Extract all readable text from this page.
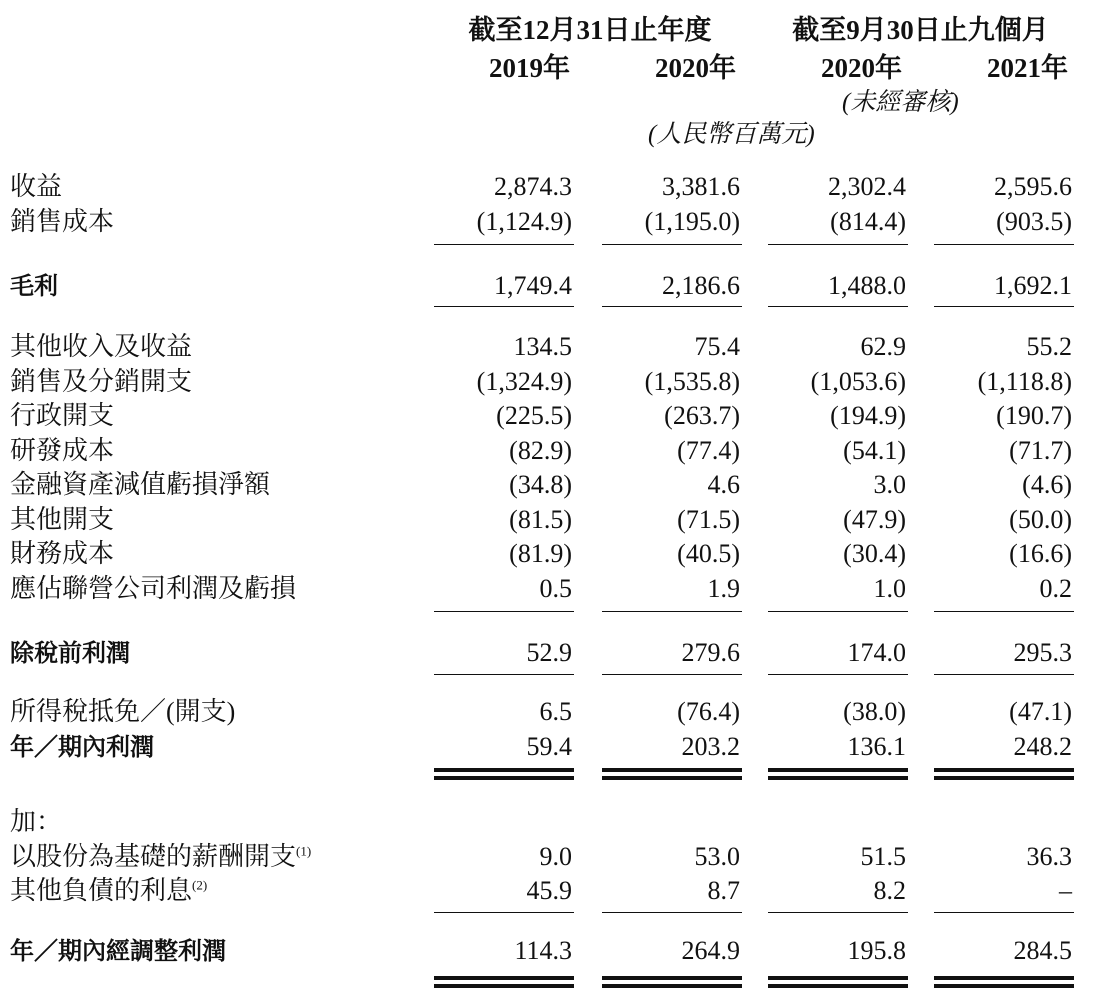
截至12月31日止年度	截至9月30日止九個月
2019年	2020年	2020年	2021年
(未經審核)
(人民幣百萬元)
收益	2,874.3	3,381.6	2,302.4	2,595.6
銷售成本	(1,124.9)	(1,195.0)	(814.4)	(903.5)
毛利	1,749.4	2,186.6	1,488.0	1,692.1
其他收入及收益	134.5	75.4	62.9	55.2
銷售及分銷開支	(1,324.9)	(1,535.8)	(1,053.6)	(1,118.8)
行政開支	(225.5)	(263.7)	(194.9)	(190.7)
研發成本	(82.9)	(77.4)	(54.1)	(71.7)
金融資產減值虧損淨額	(34.8)	4.6	3.0	(4.6)
其他開支	(81.5)	(71.5)	(47.9)	(50.0)
財務成本	(81.9)	(40.5)	(30.4)	(16.6)
應佔聯營公司利潤及虧損	0.5	1.9	1.0	0.2
除稅前利潤	52.9	279.6	174.0	295.3
所得稅抵免／(開支)	6.5	(76.4)	(38.0)	(47.1)
年／期內利潤	59.4	203.2	136.1	248.2
加：
以股份為基礎的薪酬開支$^{(1)}$	9.0	53.0	51.5	36.3
其他負債的利息$^{(2)}$	45.9	8.7	8.2	–
年／期內經調整利潤	114.3	264.9	195.8	284.5
